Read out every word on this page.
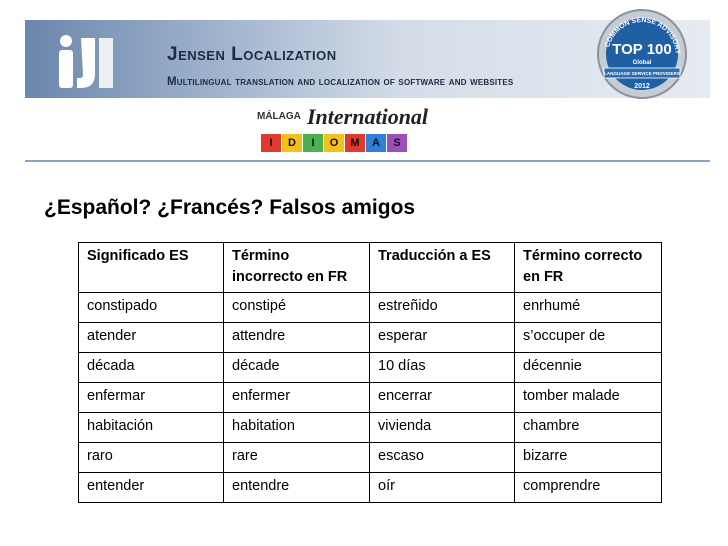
Jensen Localization

Multilingual translation and localization of software and websites

COMMON SENSE ADVISORY
TOP 100
Global
LANGUAGE SERVICE PROVIDERS
2012
MÁLAGA International
I	D	I	O	M	A	S
¿Español? ¿Francés? Falsos amigos
Significado ES	Término incorrecto en FR	Traducción a ES	Término correcto en FR
constipado	constipé	estreñido	enrhumé
atender	attendre	esperar	s’occuper de
década	décade	10 días	décennie
enfermar	enfermer	encerrar	tomber malade
habitación	habitation	vivienda	chambre
raro	rare	escaso	bizarre
entender	entendre	oír	comprendre
